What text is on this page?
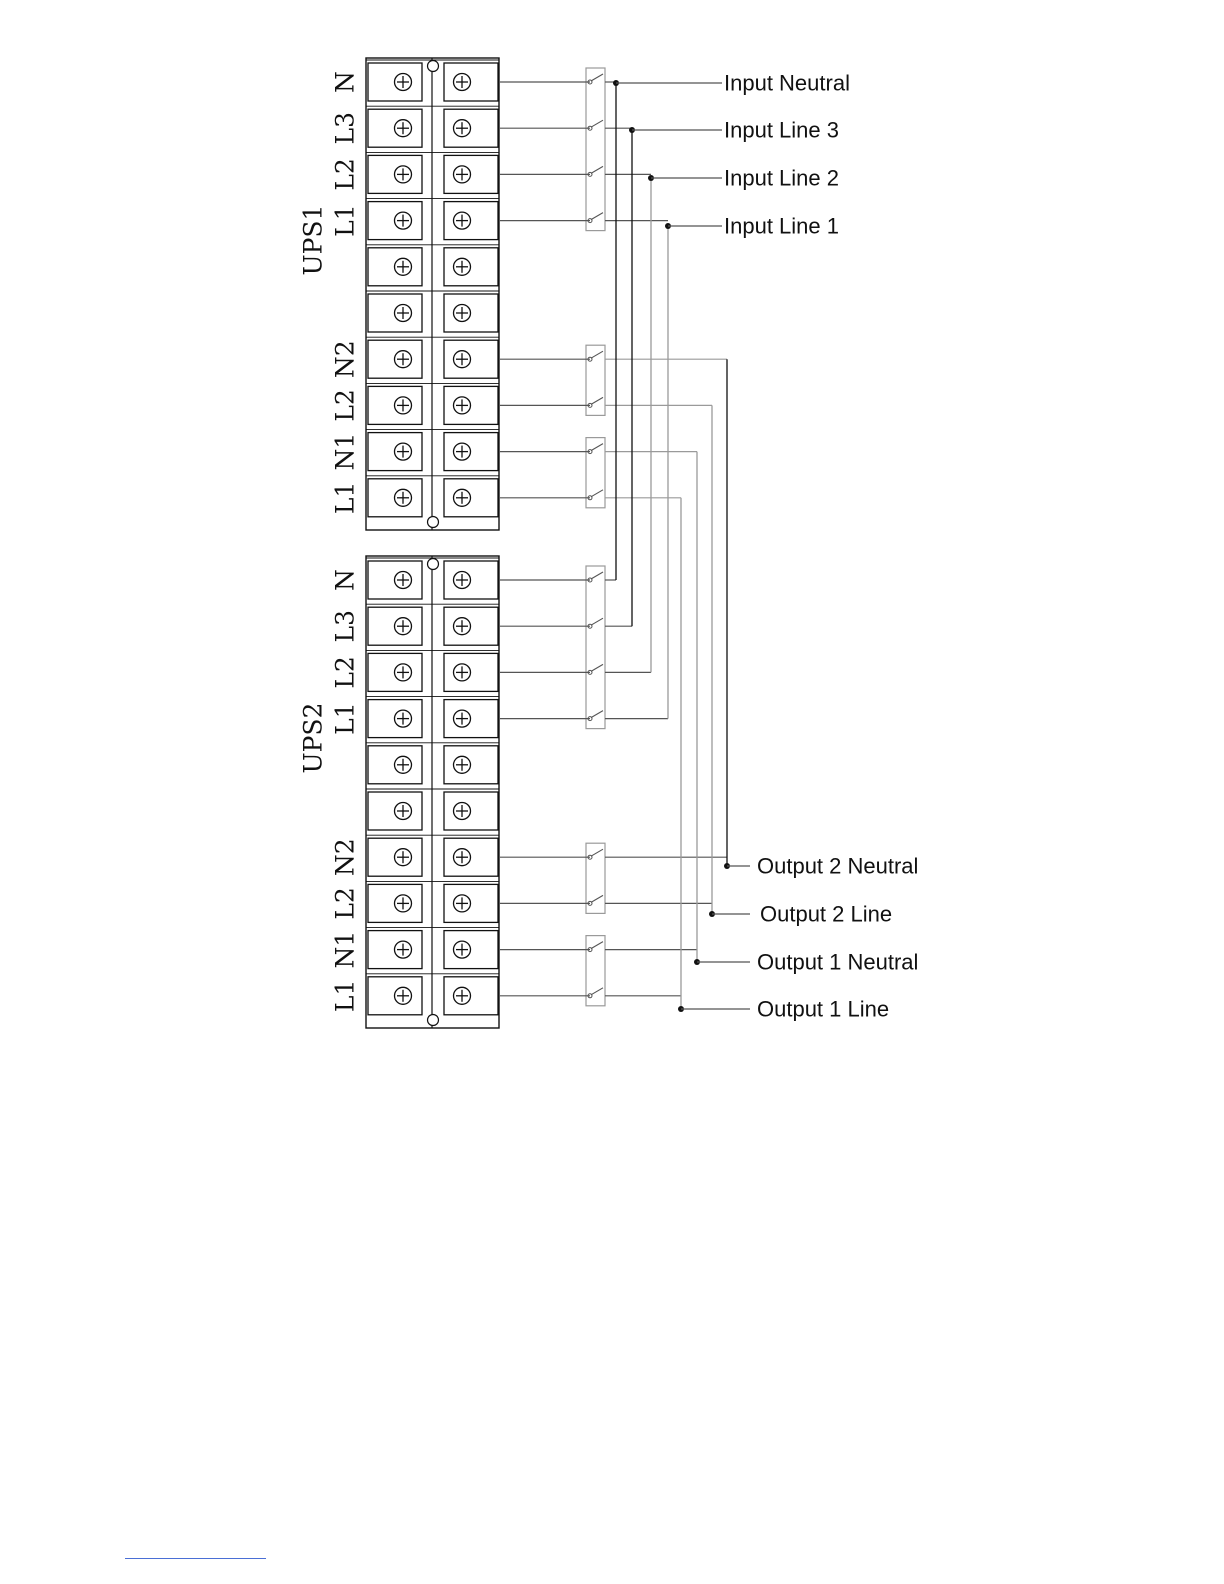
UPS1
N
L3
L2
L1
N2
L2
N1
L1
UPS2
N
L3
L2
L1
N2
L2
N1
L1
Input Neutral
Input Line 3
Input Line 2
Input Line 1
Output 2 Neutral
Output 2 Line
Output 1 Neutral
Output 1 Line
